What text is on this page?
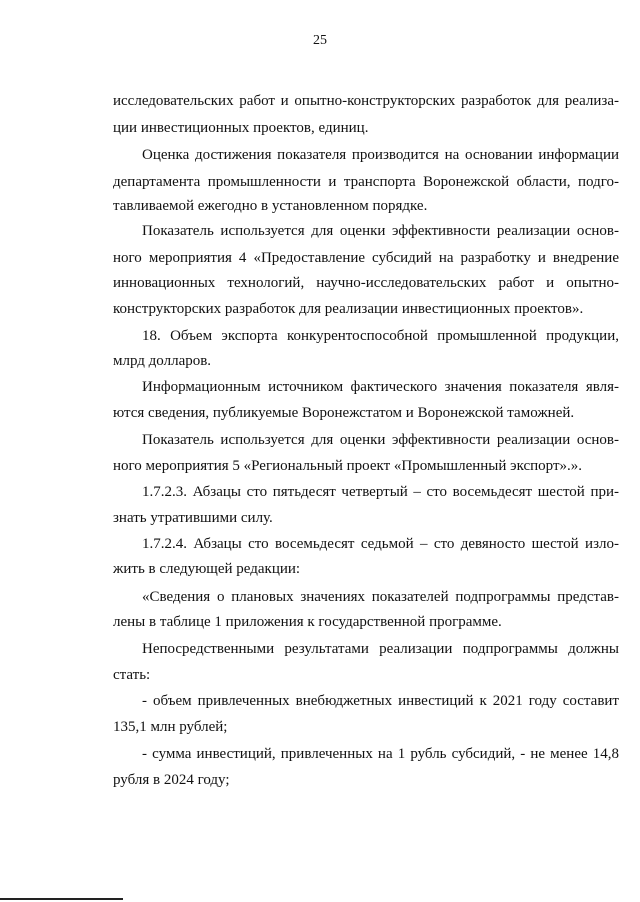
25
исследовательских работ и опытно-конструкторских разработок для реализа-
ции инвестиционных проектов, единиц.
Оценка достижения показателя производится на основании информации
департамента промышленности и транспорта Воронежской области, подго-
тавливаемой ежегодно в установленном порядке.
Показатель используется для оценки эффективности реализации основ-
ного мероприятия 4 «Предоставление субсидий на разработку и внедрение
инновационных технологий, научно-исследовательских работ и опытно-
конструкторских разработок для реализации инвестиционных проектов».
18. Объем экспорта конкурентоспособной промышленной продукции,
млрд долларов.
Информационным источником фактического значения показателя явля-
ются сведения, публикуемые Воронежстатом и Воронежской таможней.
Показатель используется для оценки эффективности реализации основ-
ного мероприятия 5 «Региональный проект «Промышленный экспорт».».
1.7.2.3. Абзацы сто пятьдесят четвертый – сто восемьдесят шестой при-
знать утратившими силу.
1.7.2.4. Абзацы сто восемьдесят седьмой – сто девяносто шестой изло-
жить в следующей редакции:
«Сведения о плановых значениях показателей подпрограммы представ-
лены в таблице 1 приложения к государственной программе.
Непосредственными результатами реализации подпрограммы должны
стать:
- объем привлеченных внебюджетных инвестиций к 2021 году составит
135,1 млн рублей;
- сумма инвестиций, привлеченных на 1 рубль субсидий, - не менее 14,8
рубля в 2024 году;
